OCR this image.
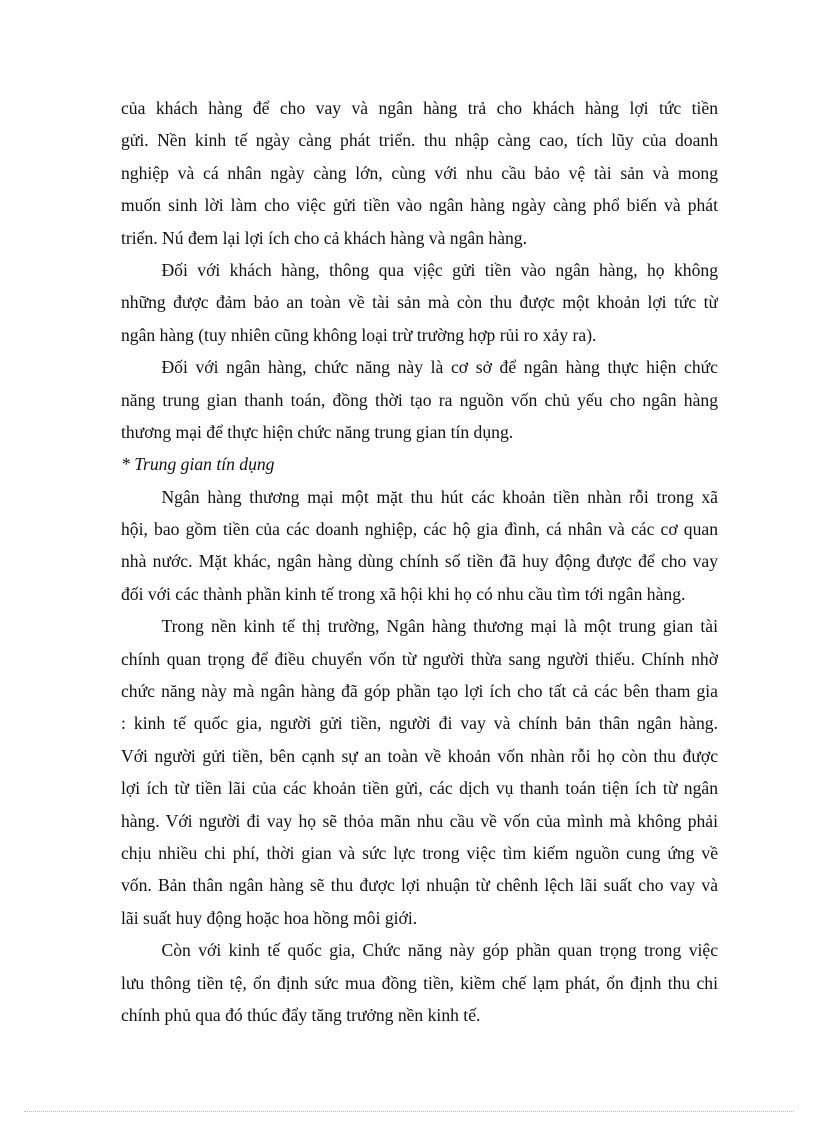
của khách hàng để cho vay và ngân hàng trả cho khách hàng lợi tức tiền
gửi. Nền kinh tế ngày càng phát triển. thu nhập càng cao, tích lũy của doanh
nghiệp và cá nhân ngày càng lớn, cùng với nhu cầu bảo vệ tài sản và mong
muốn sinh lời làm cho việc gửi tiền vào ngân hàng ngày càng phổ biến và phát
triển. Nú đem lại lợi ích cho cả khách hàng và ngân hàng.
Đối với khách hàng, thông qua vịệc gửi tiền vào ngân hàng, họ không
những được đảm bảo an toàn về tài sản mà còn thu được một khoản lợi tức từ
ngân hàng (tuy nhiên cũng không loại trừ trường hợp rủi ro xảy ra).
Đối với ngân hàng, chức năng này là cơ sở để ngân hàng thực hiện chức
năng trung gian thanh toán, đồng thời tạo ra nguồn vốn chủ yếu cho ngân hàng
thương mại để thực hiện chức năng trung gian tín dụng.
* Trung gian tín dụng
Ngân hàng thương mại một mặt thu hút các khoản tiền nhàn rỗi trong xã
hội, bao gồm tiền của các doanh nghiệp, các hộ gia đình, cá nhân và các cơ quan
nhà nước. Mặt khác, ngân hàng dùng chính số tiền đã huy động được để cho vay
đối với các thành phần kinh tế trong xã hội khi họ có nhu cầu tìm tới ngân hàng.
Trong nền kinh tế thị trường, Ngân hàng thương mại là một trung gian tài
chính quan trọng để điều chuyển vốn từ người thừa sang người thiếu. Chính nhờ
chức năng này mà ngân hàng đã góp phần tạo lợi ích cho tất cả các bên tham gia
: kinh tế quốc gia, người gửi tiền, người đi vay và chính bản thân ngân hàng.
Với người gửi tiền, bên cạnh sự an toàn về khoản vốn nhàn rỗi họ còn thu được
lợi ích từ tiền lãi của các khoản tiền gửi, các dịch vụ thanh toán tiện ích từ ngân
hàng. Với người đi vay họ sẽ thỏa mãn nhu cầu về vốn của mình mà không phải
chịu nhiều chi phí, thời gian và sức lực trong việc tìm kiếm nguồn cung ứng về
vốn. Bản thân ngân hàng sẽ thu được lợi nhuận từ chênh lệch lãi suất cho vay và
lãi suất huy động hoặc hoa hồng môi giới.
Còn với kinh tế quốc gia, Chức năng này góp phần quan trọng trong việc
lưu thông tiền tệ, ổn định sức mua đồng tiền, kiềm chế lạm phát, ổn định thu chi
chính phủ qua đó thúc đẩy tăng trưởng nền kinh tế.
